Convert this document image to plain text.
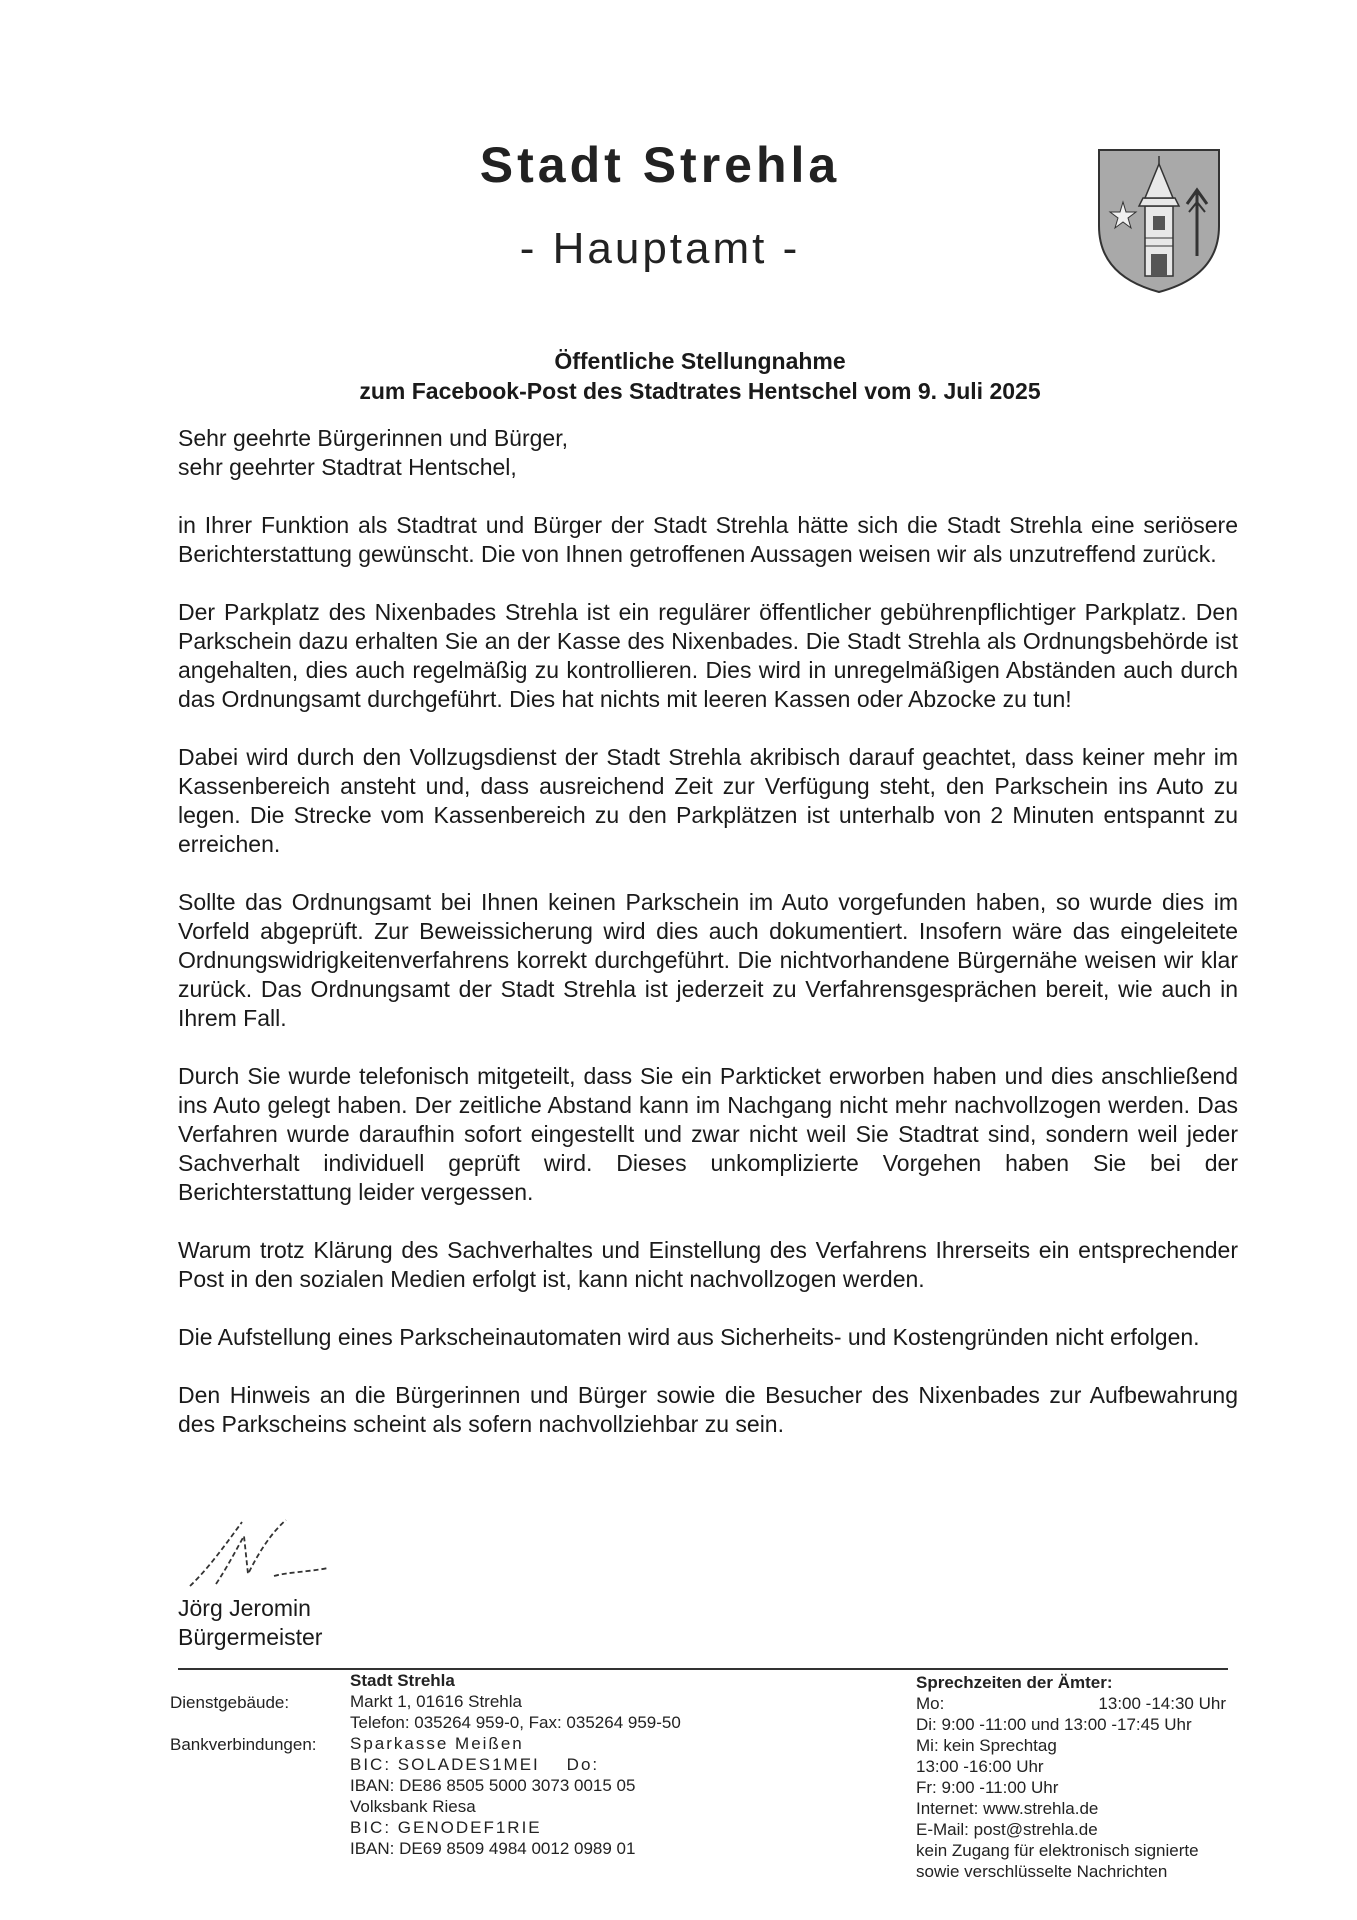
Stadt Strehla
- Hauptamt -
Öffentliche Stellungnahme
zum Facebook-Post des Stadtrates Hentschel vom 9. Juli 2025

Sehr geehrte Bürgerinnen und Bürger,
sehr geehrter Stadtrat Hentschel,

in Ihrer Funktion als Stadtrat und Bürger der Stadt Strehla hätte sich die Stadt Strehla eine seriösere Berichterstattung gewünscht. Die von Ihnen getroffenen Aussagen weisen wir als unzutreffend zurück.

Der Parkplatz des Nixenbades Strehla ist ein regulärer öffentlicher gebührenpflichtiger Parkplatz. Den Parkschein dazu erhalten Sie an der Kasse des Nixenbades. Die Stadt Strehla als Ordnungsbehörde ist angehalten, dies auch regelmäßig zu kontrollieren. Dies wird in unregelmäßigen Abständen auch durch das Ordnungsamt durchgeführt. Dies hat nichts mit leeren Kassen oder Abzocke zu tun!

Dabei wird durch den Vollzugsdienst der Stadt Strehla akribisch darauf geachtet, dass keiner mehr im Kassenbereich ansteht und, dass ausreichend Zeit zur Verfügung steht, den Parkschein ins Auto zu legen. Die Strecke vom Kassenbereich zu den Parkplätzen ist unterhalb von 2 Minuten entspannt zu erreichen.

Sollte das Ordnungsamt bei Ihnen keinen Parkschein im Auto vorgefunden haben, so wurde dies im Vorfeld abgeprüft. Zur Beweissicherung wird dies auch dokumentiert. Insofern wäre das eingeleitete Ordnungswidrigkeitenverfahrens korrekt durchgeführt. Die nichtvorhandene Bürgernähe weisen wir klar zurück. Das Ordnungsamt der Stadt Strehla ist jederzeit zu Verfahrensgesprächen bereit, wie auch in Ihrem Fall.

Durch Sie wurde telefonisch mitgeteilt, dass Sie ein Parkticket erworben haben und dies anschließend ins Auto gelegt haben. Der zeitliche Abstand kann im Nachgang nicht mehr nachvollzogen werden. Das Verfahren wurde daraufhin sofort eingestellt und zwar nicht weil Sie Stadtrat sind, sondern weil jeder Sachverhalt individuell geprüft wird. Dieses unkomplizierte Vorgehen haben Sie bei der Berichterstattung leider vergessen.

Warum trotz Klärung des Sachverhaltes und Einstellung des Verfahrens Ihrerseits ein entsprechender Post in den sozialen Medien erfolgt ist, kann nicht nachvollzogen werden.

Die Aufstellung eines Parkscheinautomaten wird aus Sicherheits- und Kostengründen nicht erfolgen.

Den Hinweis an die Bürgerinnen und Bürger sowie die Besucher des Nixenbades zur Aufbewahrung des Parkscheins scheint als sofern nachvollziehbar zu sein.

Jörg Jeromin
Bürgermeister
Dienstgebäude:
Bankverbindungen:
Stadt Strehla
Markt 1, 01616 Strehla
Telefon: 035264 959-0, Fax: 035264 959-50
Sparkasse Meißen
BIC: SOLADES1MEI    Do:
IBAN: DE86 8505 5000 3073 0015 05
Volksbank Riesa
BIC: GENODEF1RIE
IBAN: DE69 8509 4984 0012 0989 01
Sprechzeiten der Ämter:
Mo:	13:00 -14:30 Uhr
Di: 9:00 -11:00 und 13:00 -17:45 Uhr
Mi: kein Sprechtag
13:00 -16:00 Uhr
Fr: 9:00 -11:00 Uhr
Internet: www.strehla.de
E-Mail: post@strehla.de
kein Zugang für elektronisch signierte
sowie verschlüsselte Nachrichten
